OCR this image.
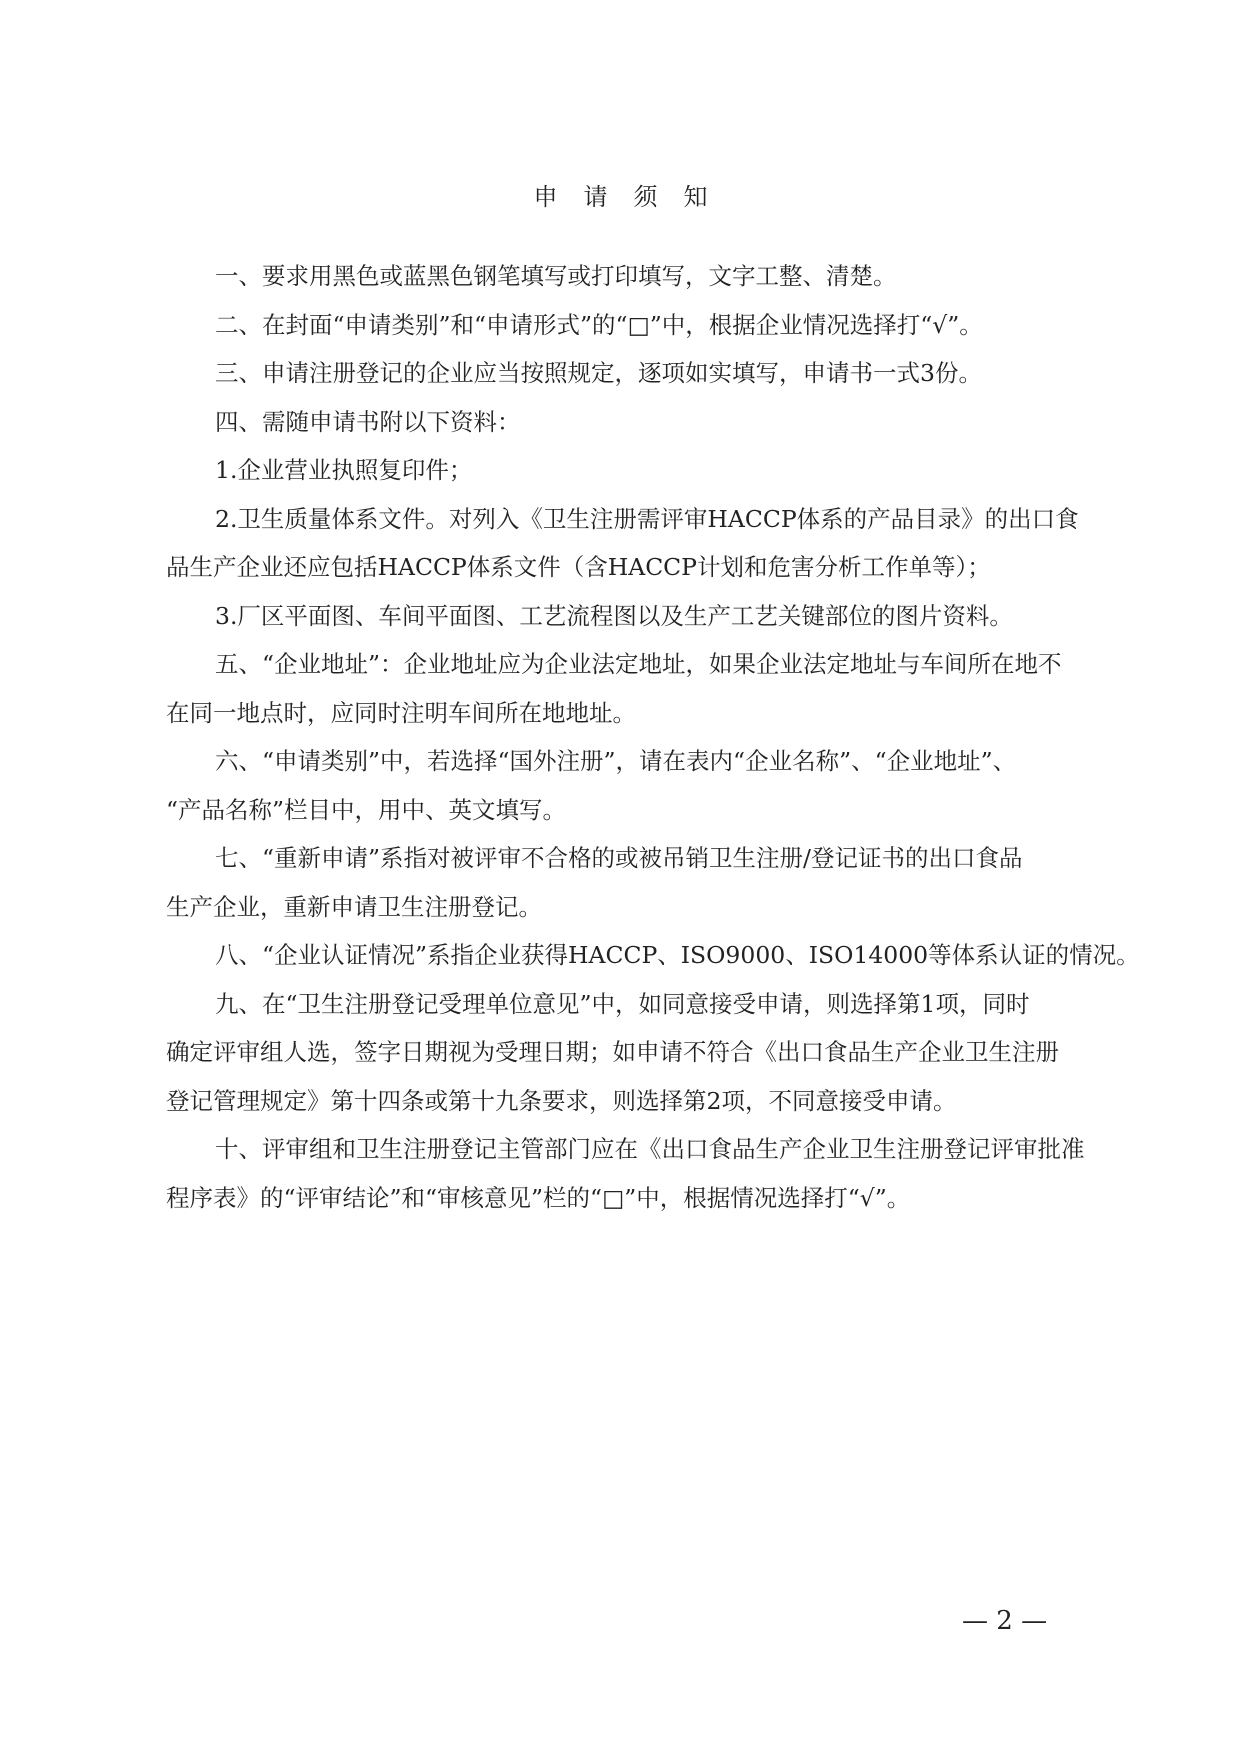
申请须知

一、要求用黑色或蓝黑色钢笔填写或打印填写，文字工整、清楚。

二、在封面“申请类别”和“申请形式”的“□”中，根据企业情况选择打“√”。

三、申请注册登记的企业应当按照规定，逐项如实填写，申请书一式3份。

四、需随申请书附以下资料：

1.企业营业执照复印件；

2.卫生质量体系文件。对列入《卫生注册需评审HACCP体系的产品目录》的出口食
品生产企业还应包括HACCP体系文件（含HACCP计划和危害分析工作单等）；

3.厂区平面图、车间平面图、工艺流程图以及生产工艺关键部位的图片资料。

五、“企业地址”：企业地址应为企业法定地址，如果企业法定地址与车间所在地不
在同一地点时，应同时注明车间所在地地址。

六、“申请类别”中，若选择“国外注册”，请在表内“企业名称”、“企业地址”、
“产品名称”栏目中，用中、英文填写。

七、“重新申请”系指对被评审不合格的或被吊销卫生注册/登记证书的出口食品
生产企业，重新申请卫生注册登记。

八、“企业认证情况”系指企业获得HACCP、ISO9000、ISO14000等体系认证的情况。

九、在“卫生注册登记受理单位意见”中，如同意接受申请，则选择第1项，同时
确定评审组人选，签字日期视为受理日期；如申请不符合《出口食品生产企业卫生注册
登记管理规定》第十四条或第十九条要求，则选择第2项，不同意接受申请。

十、评审组和卫生注册登记主管部门应在《出口食品生产企业卫生注册登记评审批准
程序表》的“评审结论”和“审核意见”栏的“□”中，根据情况选择打“√”。

— 2 —
